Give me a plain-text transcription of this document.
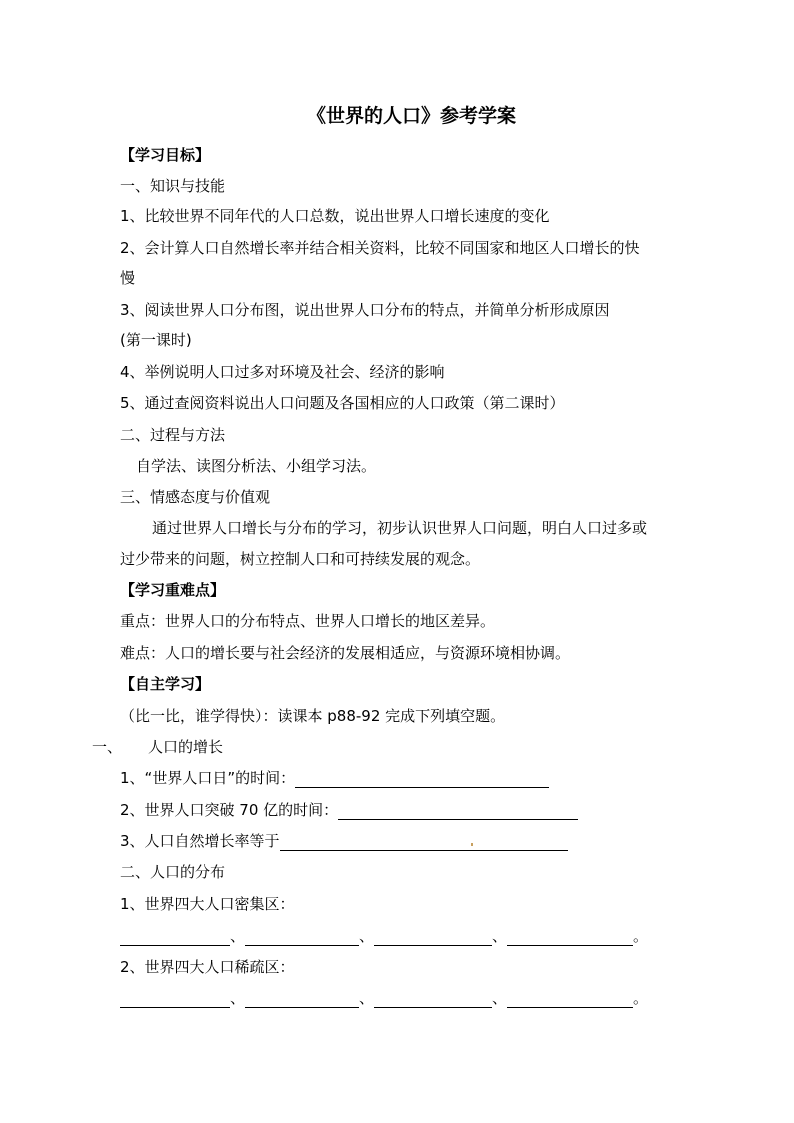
《世界的人口》参考学案
【学习目标】
一、知识与技能
1、比较世界不同年代的人口总数，说出世界人口增长速度的变化
2、会计算人口自然增长率并结合相关资料，比较不同国家和地区人口增长的快
慢
3、阅读世界人口分布图，说出世界人口分布的特点，并简单分析形成原因
(第一课时)
4、举例说明人口过多对环境及社会、经济的影响
5、通过查阅资料说出人口问题及各国相应的人口政策（第二课时）
二、过程与方法
自学法、读图分析法、小组学习法。
三、情感态度与价值观
通过世界人口增长与分布的学习，初步认识世界人口问题，明白人口过多或
过少带来的问题，树立控制人口和可持续发展的观念。
【学习重难点】
重点：世界人口的分布特点、世界人口增长的地区差异。
难点：人口的增长要与社会经济的发展相适应，与资源环境相协调。
【自主学习】
（比一比，谁学得快）：读课本 p88-92 完成下列填空题。
一、 人口的增长
1、“世界人口日”的时间：
2、世界人口突破 70 亿的时间：
3、人口自然增长率等于
二、人口的分布
1、世界四大人口密集区：
、	、	、	。
2、世界四大人口稀疏区：
、	、	、	。
